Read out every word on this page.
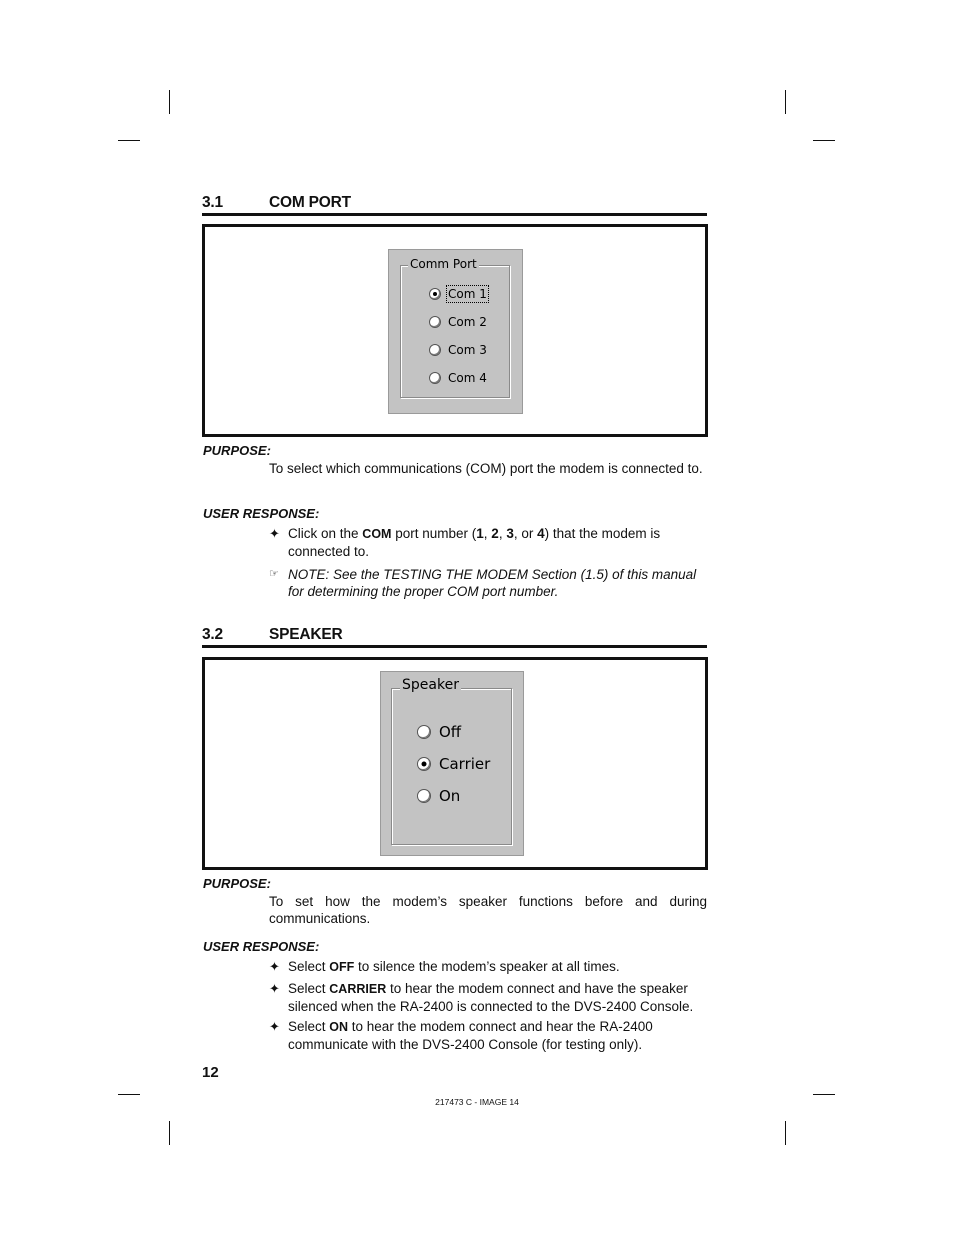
3.1	COM PORT
Comm Port
Com 1
Com 2
Com 3
Com 4
PURPOSE:
To select which communications (COM) port the modem is connected to.
USER RESPONSE:
✦ Click on the COM port number (1, 2, 3, or 4) that the modem is connected to.
☞ NOTE: See the TESTING THE MODEM Section (1.5) of this manual for determining the proper COM port number.
3.2	SPEAKER
Speaker
Off
Carrier
On
PURPOSE:
To set how the modem’s speaker functions before and during
communications.
USER RESPONSE:
✦ Select OFF to silence the modem’s speaker at all times.
✦ Select CARRIER to hear the modem connect and have the speaker silenced when the RA-2400 is connected to the DVS-2400 Console.
✦ Select ON to hear the modem connect and hear the RA-2400 communicate with the DVS-2400 Console (for testing only).
12
217473 C - IMAGE 14
